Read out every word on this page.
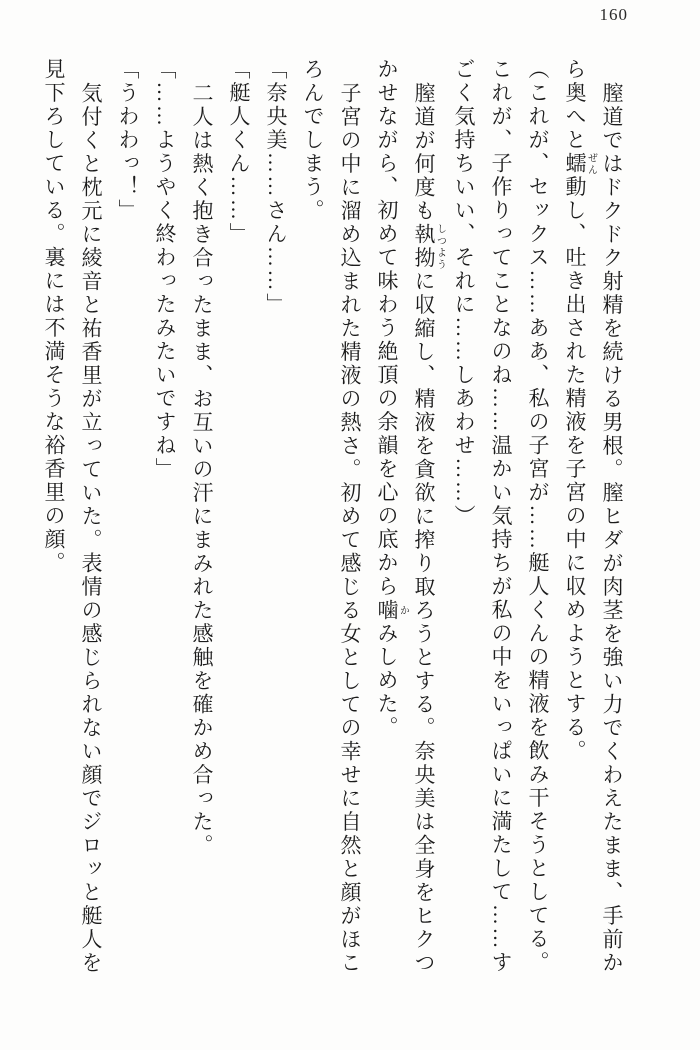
160

膣道ではドクドク射精を続ける男根。膣ヒダが肉茎を強い力でくわえたまま、手前から奥へと蠕ぜん動し、吐き出された精液を子宮の中に収めようとする。

（これが、セックス……ああ、私の子宮が……艇人くんの精液を飲み干そうとしてる。これが、子作りってことなのね……温かい気持ちが私の中をいっぱいに満たして……すごく気持ちいい、それに……しあわせ……）

膣道が何度も執拗しつように収縮し、精液を貪欲に搾り取ろうとする。奈央美は全身をヒクつかせながら、初めて味わう絶頂の余韻を心の底から噛かみしめた。

子宮の中に溜め込まれた精液の熱さ。初めて感じる女としての幸せに自然と顔がほころんでしまう。

「奈央美……さん……」

「艇人くん……」

二人は熱く抱き合ったまま、お互いの汗にまみれた感触を確かめ合った。

「……ようやく終わったみたいですね」

「うわわっ！」

気付くと枕元に綾音と祐香里が立っていた。表情の感じられない顔でジロッと艇人を見下ろしている。裏には不満そうな裕香里の顔。
